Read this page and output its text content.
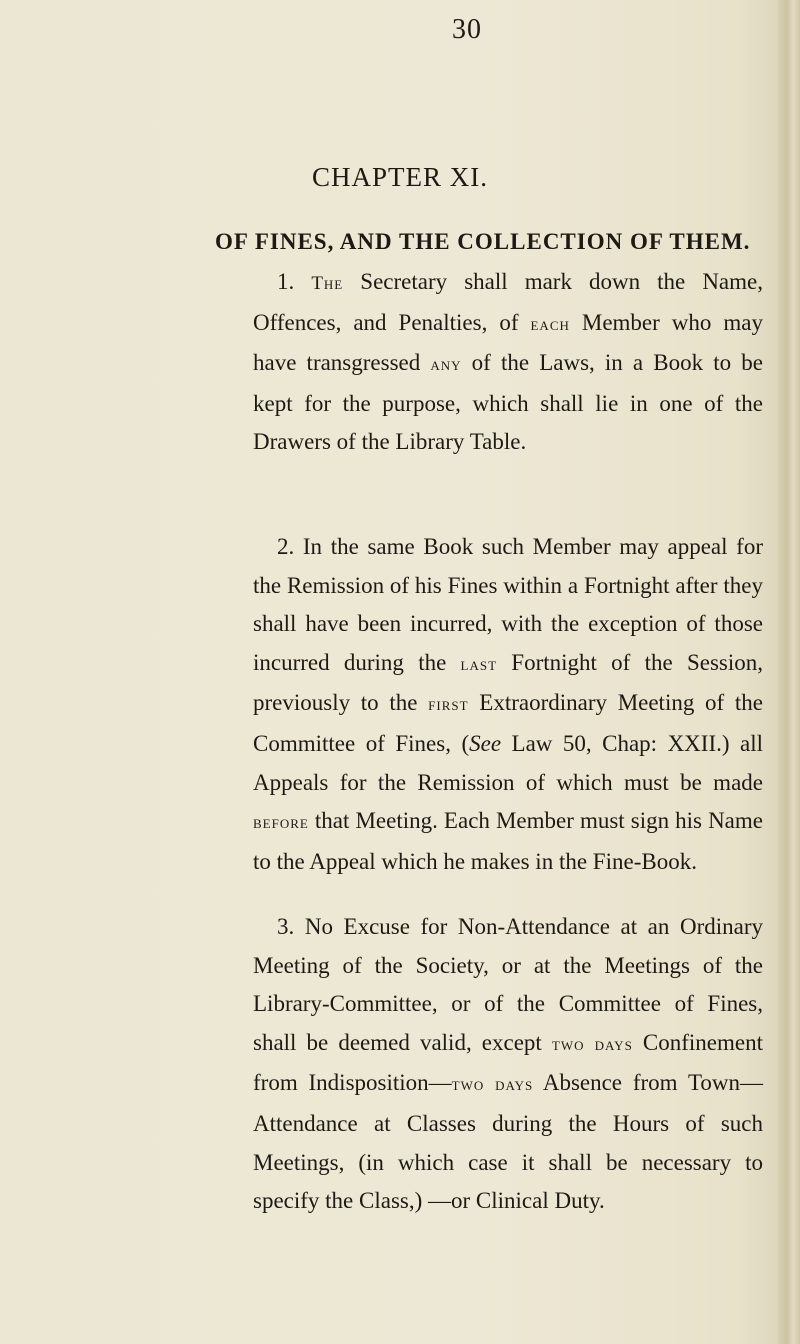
30
CHAPTER XI.
OF FINES, AND THE COLLECTION OF THEM.
1. The Secretary shall mark down the Name, Offences, and Penalties, of each Member who may have transgressed any of the Laws, in a Book to be kept for the purpose, which shall lie in one of the Drawers of the Library Table.
2. In the same Book such Member may appeal for the Remission of his Fines within a Fortnight after they shall have been incurred, with the exception of those incurred during the last Fortnight of the Session, previously to the first Extraordinary Meeting of the Committee of Fines, (See Law 50, Chap: XXII.) all Appeals for the Remission of which must be made before that Meeting. Each Member must sign his Name to the Appeal which he makes in the Fine-Book.
3. No Excuse for Non-Attendance at an Ordinary Meeting of the Society, or at the Meetings of the Library-Committee, or of the Committee of Fines, shall be deemed valid, except two days Confinement from Indisposition—two days Absence from Town—Attendance at Classes during the Hours of such Meetings, (in which case it shall be necessary to specify the Class,) —or Clinical Duty.
